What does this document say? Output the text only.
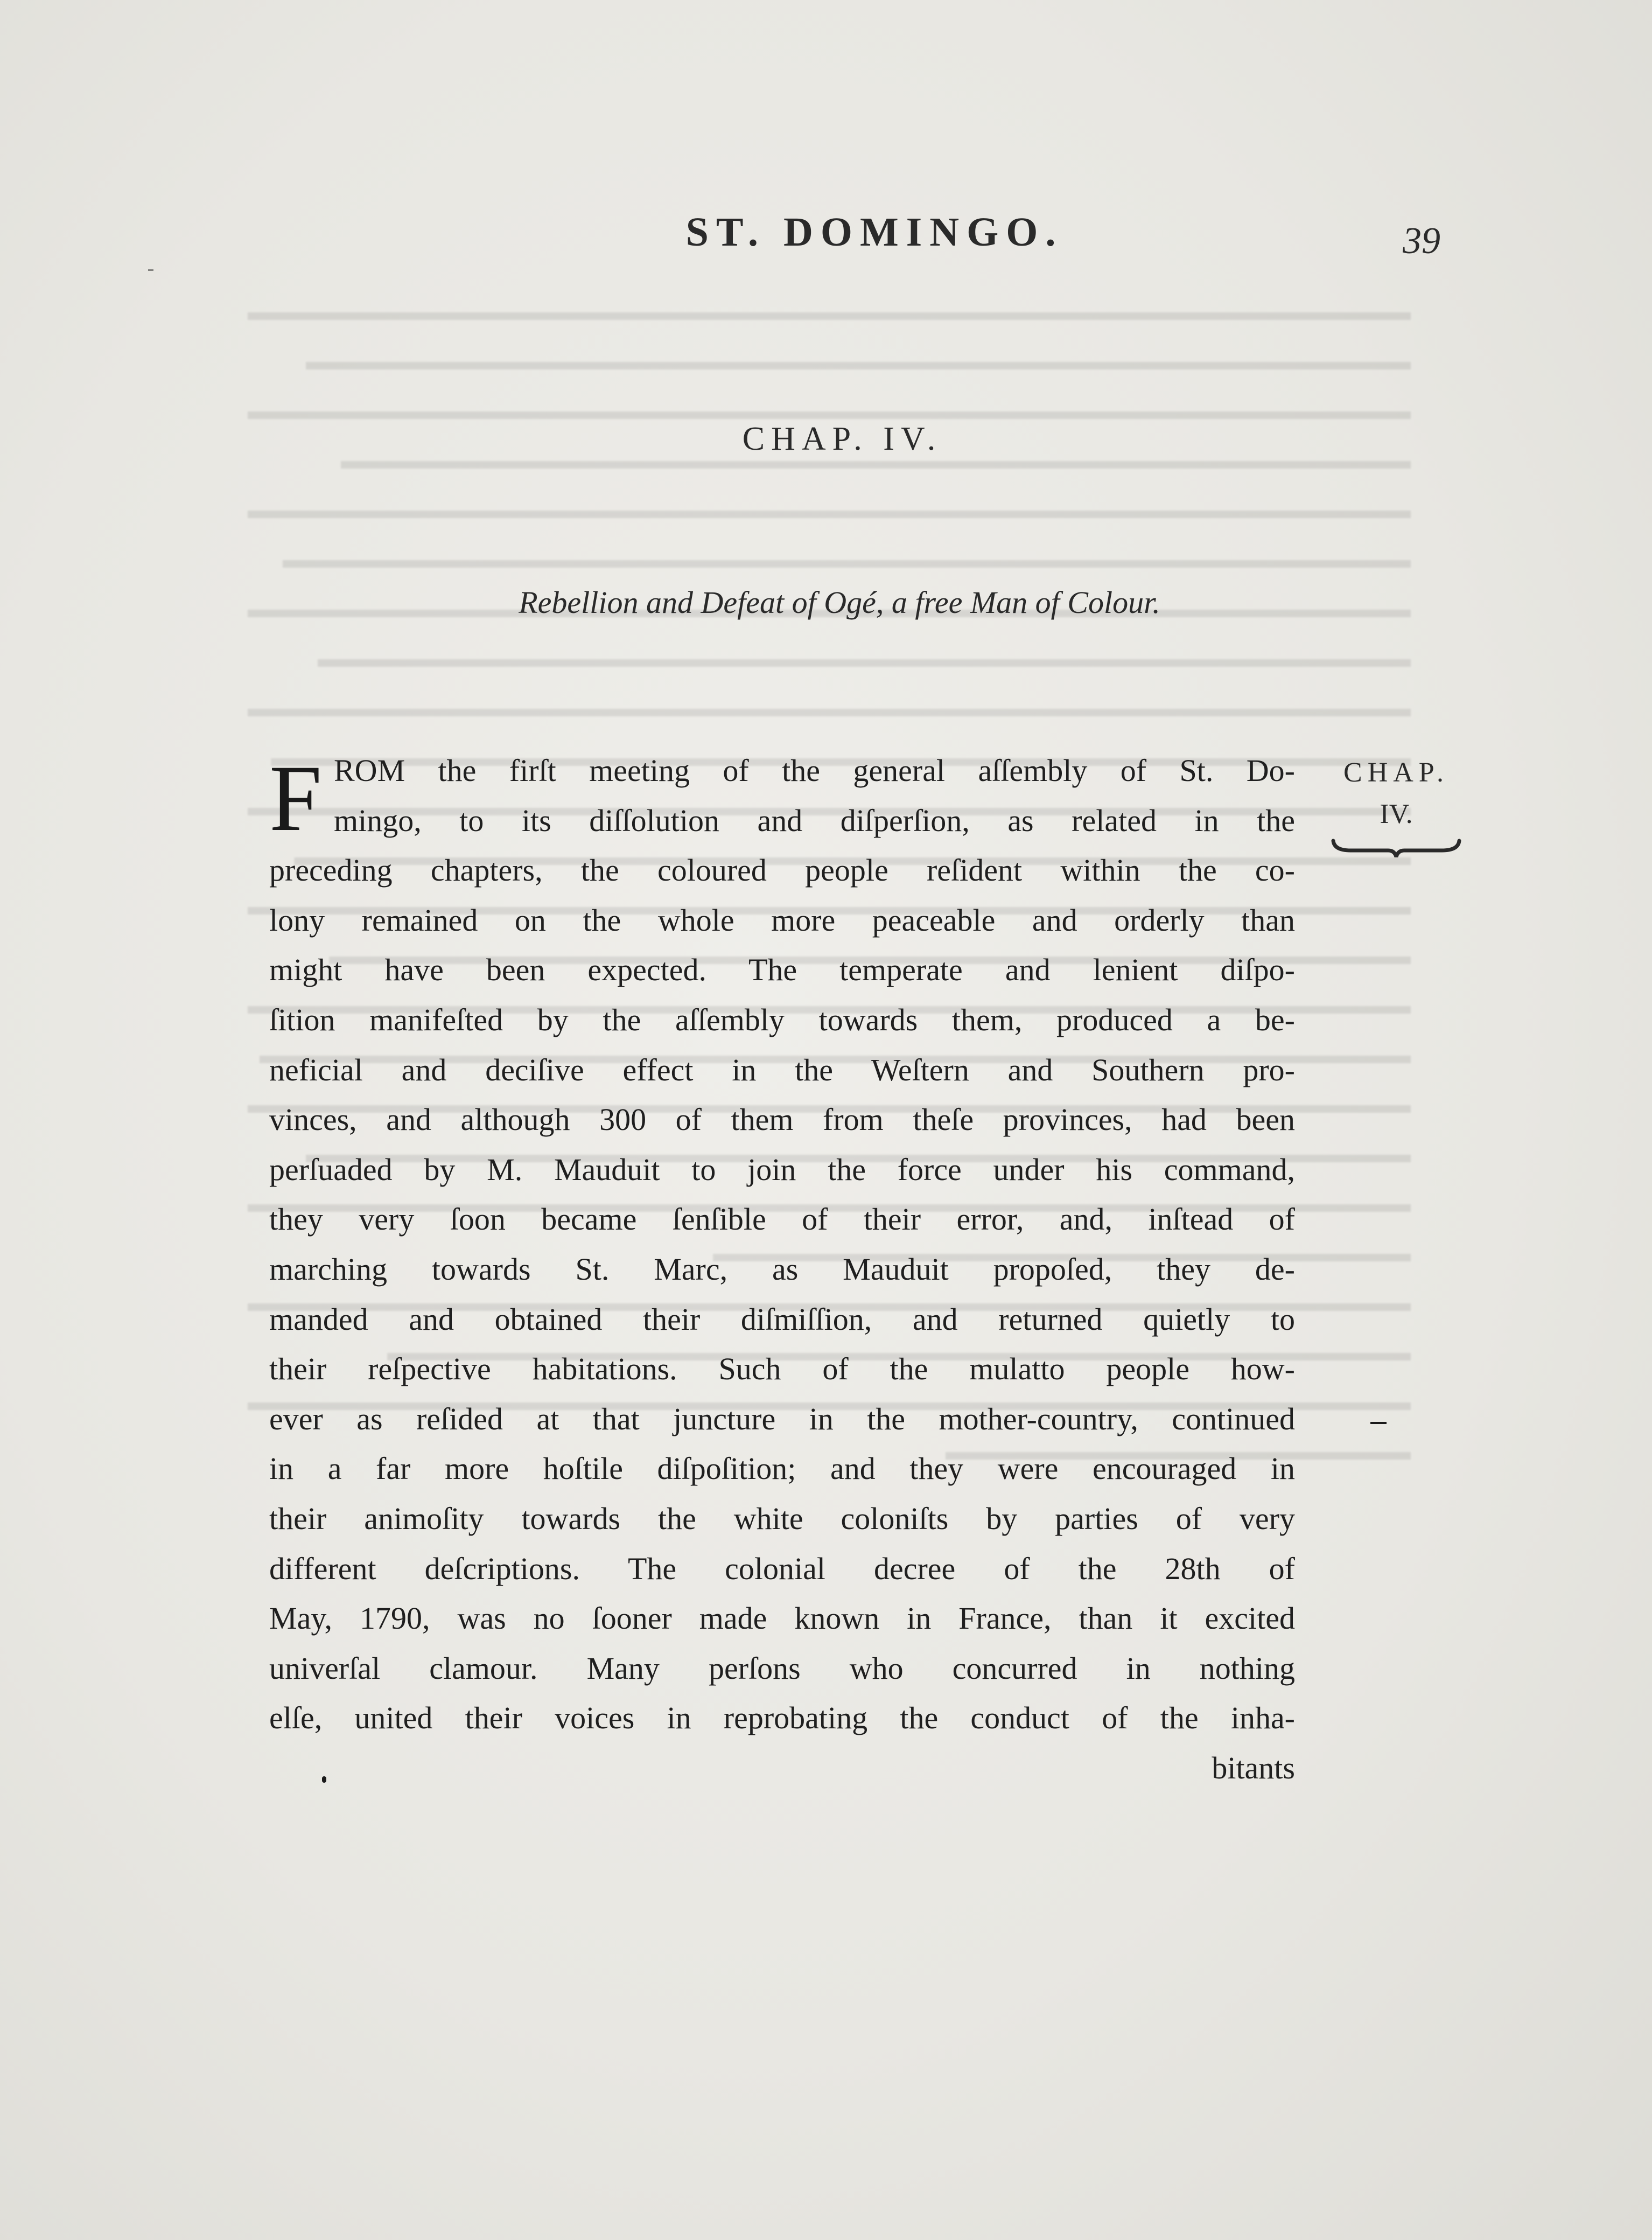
ST. DOMINGO.	39
CHAP. IV.
Rebellion and Defeat of Ogé, a free Man of Colour.
F ROM the firſt meeting of the general aſſembly of St. Do-
mingo, to its diſſolution and diſperſion, as related in the
preceding chapters, the coloured people reſident within the co-
lony remained on the whole more peaceable and orderly than
might have been expected. The temperate and lenient diſpo-
ſition manifeſted by the aſſembly towards them, produced a be-
neficial and deciſive effect in the Weſtern and Southern pro-
vinces, and although 300 of them from theſe provinces, had been
perſuaded by M. Mauduit to join the force under his command,
they very ſoon became ſenſible of their error, and, inſtead of
marching towards St. Marc, as Mauduit propoſed, they de-
manded and obtained their diſmiſſion, and returned quietly to
their reſpective habitations. Such of the mulatto people how-
ever as reſided at that juncture in the mother-country, continued
in a far more hoſtile diſpoſition; and they were encouraged in
their animoſity towards the white coloniſts by parties of very
different deſcriptions. The colonial decree of the 28th of
May, 1790, was no ſooner made known in France, than it excited
univerſal clamour. Many perſons who concurred in nothing
elſe, united their voices in reprobating the conduct of the inha-
bitants
CHAP.
IV.
